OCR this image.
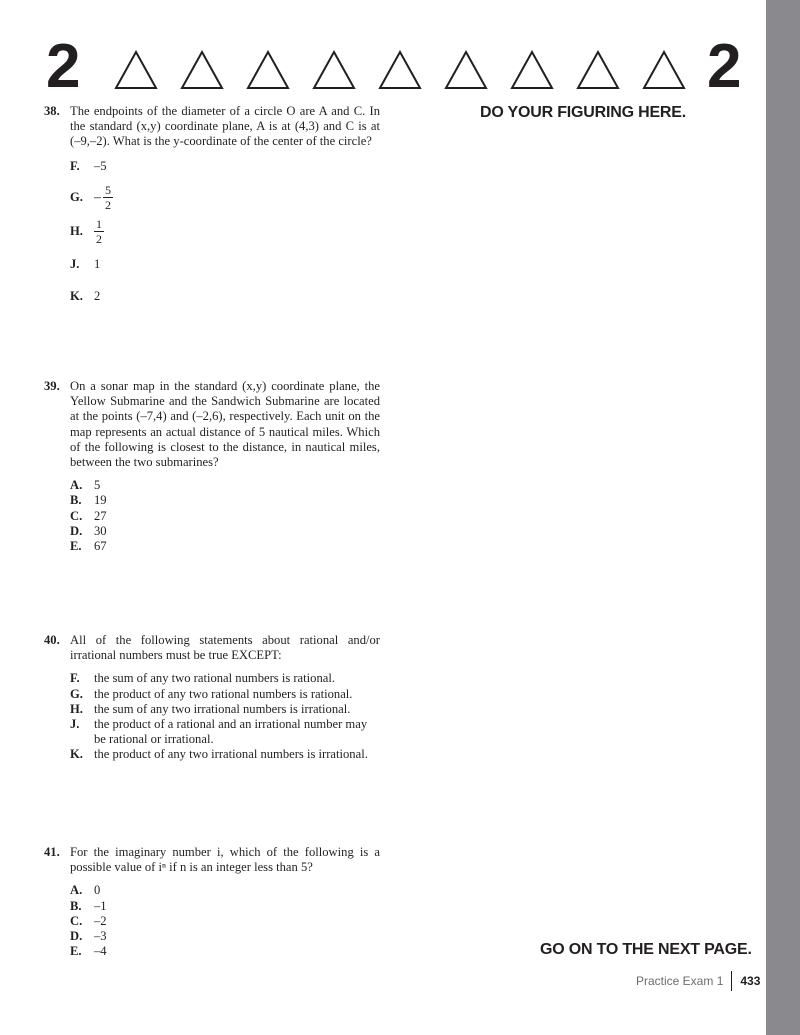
2	2
DO YOUR FIGURING HERE.
38. The endpoints of the diameter of a circle O are A and C. In the standard (x,y) coordinate plane, A is at (4,3) and C is at (–9,–2). What is the y-coordinate of the center of the circle?
F.	–5
G. – $\frac{5}{2}$
H. $\frac{1}{2}$
J.	1
K. 2
39. On a sonar map in the standard (x,y) coordinate plane, the Yellow Submarine and the Sandwich Submarine are located at the points (–7,4) and (–2,6), respectively. Each unit on the map represents an actual distance of 5 nautical miles. Which of the following is closest to the distance, in nautical miles, between the two submarines?
A. 5
B. 19
C. 27
D. 30
E. 67
40. All of the following statements about rational and/or irrational numbers must be true EXCEPT:
F.	the sum of any two rational numbers is rational.
G. the product of any two rational numbers is rational.
H. the sum of any two irrational numbers is irrational.
J.	the product of a rational and an irrational number may be rational or irrational.
K. the product of any two irrational numbers is irrational.
41. For the imaginary number i, which of the following is a possible value of iⁿ if n is an integer less than 5?
A. 0
B. –1
C. –2
D. –3
E. –4	GO ON TO THE NEXT PAGE.
Practice Exam 1 433
